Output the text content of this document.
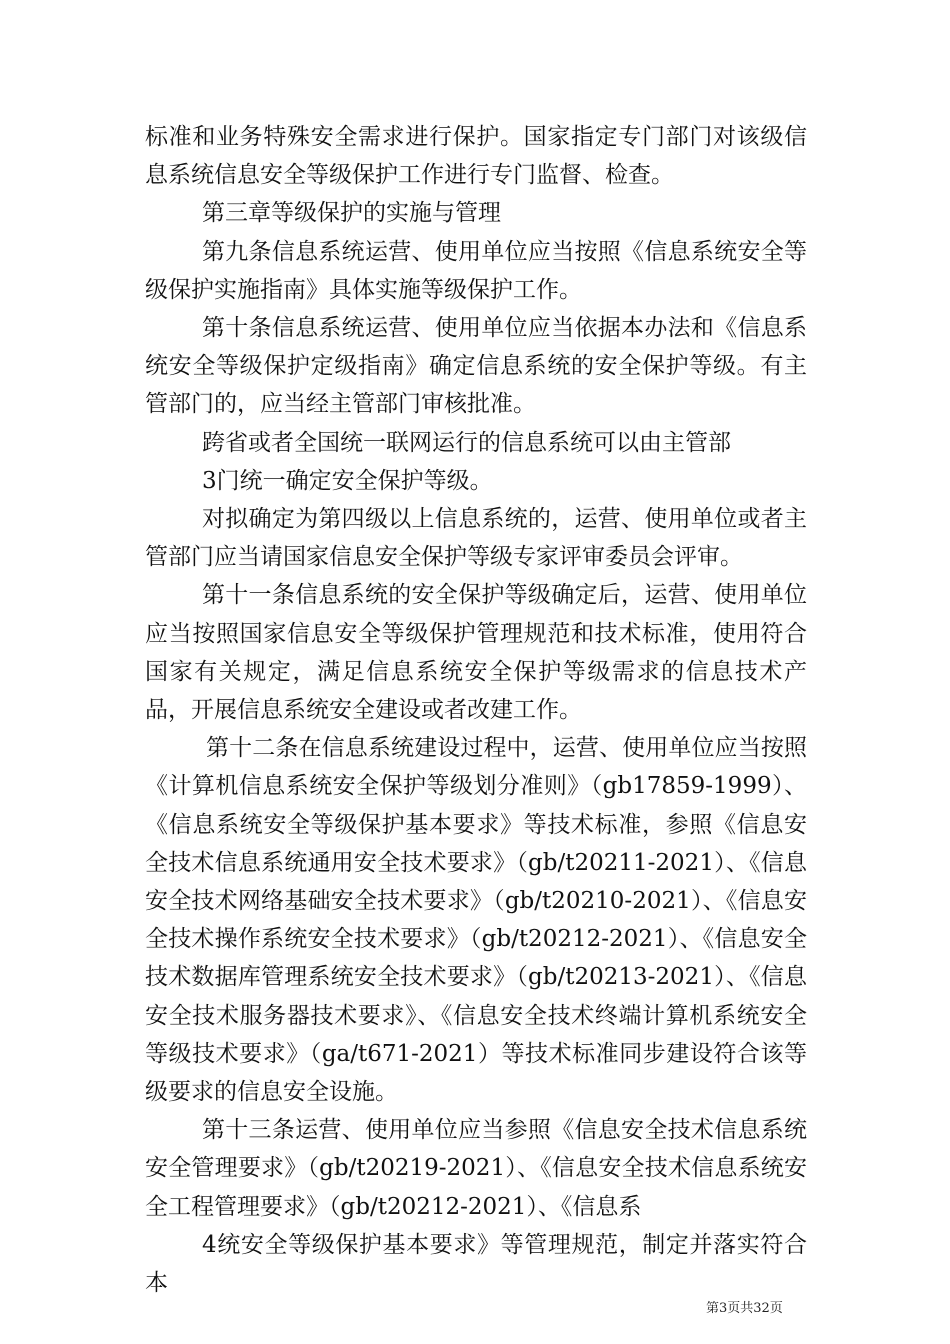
标准和业务特殊安全需求进行保护。国家指定专门部门对该级信息系统信息安全等级保护工作进行专门监督、检查。

第三章等级保护的实施与管理

第九条信息系统运营、使用单位应当按照《信息系统安全等级保护实施指南》具体实施等级保护工作。

第十条信息系统运营、使用单位应当依据本办法和《信息系统安全等级保护定级指南》确定信息系统的安全保护等级。有主管部门的，应当经主管部门审核批准。

跨省或者全国统一联网运行的信息系统可以由主管部

3门统一确定安全保护等级。

对拟确定为第四级以上信息系统的，运营、使用单位或者主管部门应当请国家信息安全保护等级专家评审委员会评审。

第十一条信息系统的安全保护等级确定后，运营、使用单位应当按照国家信息安全等级保护管理规范和技术标准，使用符合国家有关规定，满足信息系统安全保护等级需求的信息技术产品，开展信息系统安全建设或者改建工作。

第十二条在信息系统建设过程中，运营、使用单位应当按照《计算机信息系统安全保护等级划分准则》（gb17859-1999）、《信息系统安全等级保护基本要求》等技术标准，参照《信息安全技术信息系统通用安全技术要求》（gb/t20211-2021）、《信息安全技术网络基础安全技术要求》（gb/t20210-2021）、《信息安全技术操作系统安全技术要求》（gb/t20212-2021）、《信息安全技术数据库管理系统安全技术要求》（gb/t20213-2021）、《信息安全技术服务器技术要求》、《信息安全技术终端计算机系统安全等级技术要求》（ga/t671-2021）等技术标准同步建设符合该等级要求的信息安全设施。

第十三条运营、使用单位应当参照《信息安全技术信息系统安全管理要求》（gb/t20219-2021）、《信息安全技术信息系统安全工程管理要求》（gb/t20212-2021）、《信息系

4统安全等级保护基本要求》等管理规范，制定并落实符合本

第3页共32页
